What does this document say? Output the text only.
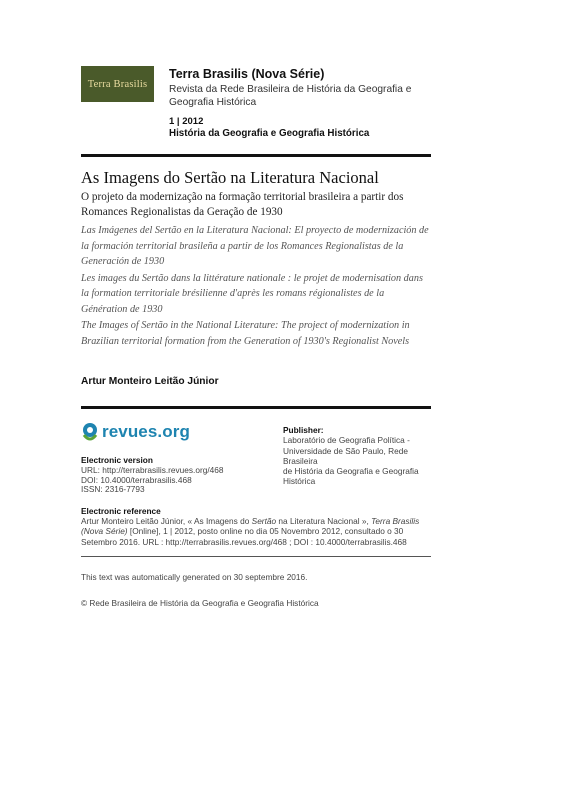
Terra Brasilis
Terra Brasilis (Nova Série)
Revista da Rede Brasileira de História da Geografia e Geografia Histórica
1 | 2012
História da Geografia e Geografia Histórica
As Imagens do Sertão na Literatura Nacional
O projeto da modernização na formação territorial brasileira a partir dos Romances Regionalistas da Geração de 1930
Las Imágenes del Sertão en la Literatura Nacional: El proyecto de modernización de la formación territorial brasileña a partir de los Romances Regionalistas de la Generación de 1930
Les images du Sertão dans la littérature nationale : le projet de modernisation dans la formation territoriale brésilienne d'après les romans régionalistes de la Génération de 1930
The Images of Sertão in the National Literature: The project of modernization in Brazilian territorial formation from the Generation of 1930's Regionalist Novels
Artur Monteiro Leitão Júnior
revues.org	Publisher:
Laboratório de Geografia Política -
Universidade de São Paulo, Rede Brasileira
de História da Geografia e Geografia
Histórica
Electronic version
URL: http://terrabrasilis.revues.org/468
DOI: 10.4000/terrabrasilis.468
ISSN: 2316-7793
Electronic reference
Artur Monteiro Leitão Júnior, « As Imagens do Sertão na Literatura Nacional », Terra Brasilis (Nova Série) [Online], 1 | 2012, posto online no dia 05 Novembro 2012, consultado o 30 Setembro 2016. URL : http://terrabrasilis.revues.org/468 ; DOI : 10.4000/terrabrasilis.468
This text was automatically generated on 30 septembre 2016.
© Rede Brasileira de História da Geografia e Geografia Histórica
